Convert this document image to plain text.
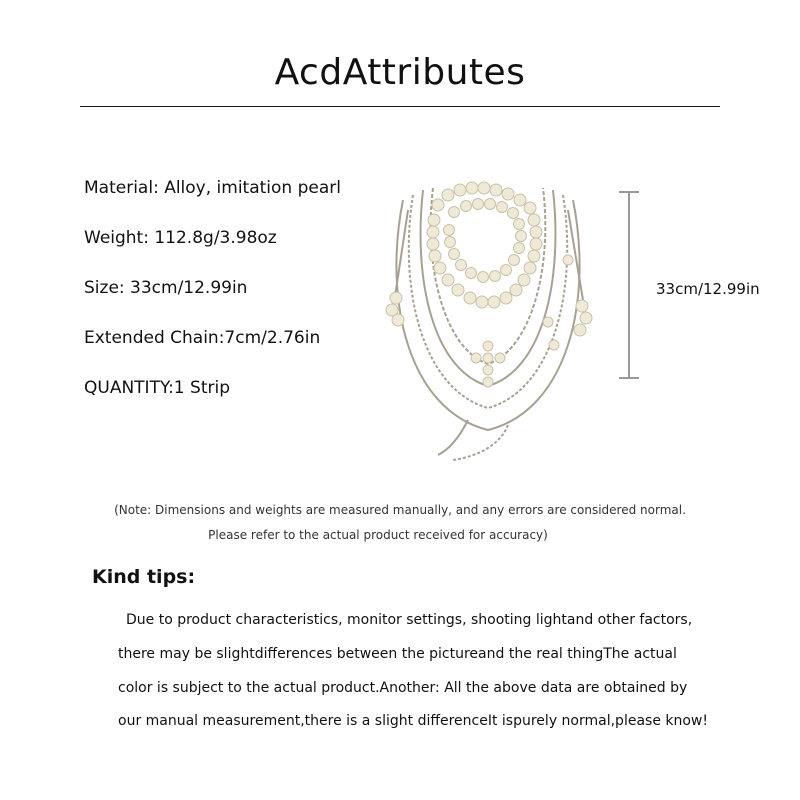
AcdAttributes
Material: Alloy, imitation pearl
Weight: 112.8g/3.98oz
Size: 33cm/12.99in
Extended Chain:7cm/2.76in
QUANTITY:1 Strip
33cm/12.99in
(Note: Dimensions and weights are measured manually, and any errors are considered normal.
Please refer to the actual product received for accuracy)
Kind tips:
Due to product characteristics, monitor settings, shooting lightand other factors,
there may be slightdifferences between the pictureand the real thingThe actual
color is subject to the actual product.Another: All the above data are obtained by
our manual measurement,there is a slight differenceIt ispurely normal,please know!
